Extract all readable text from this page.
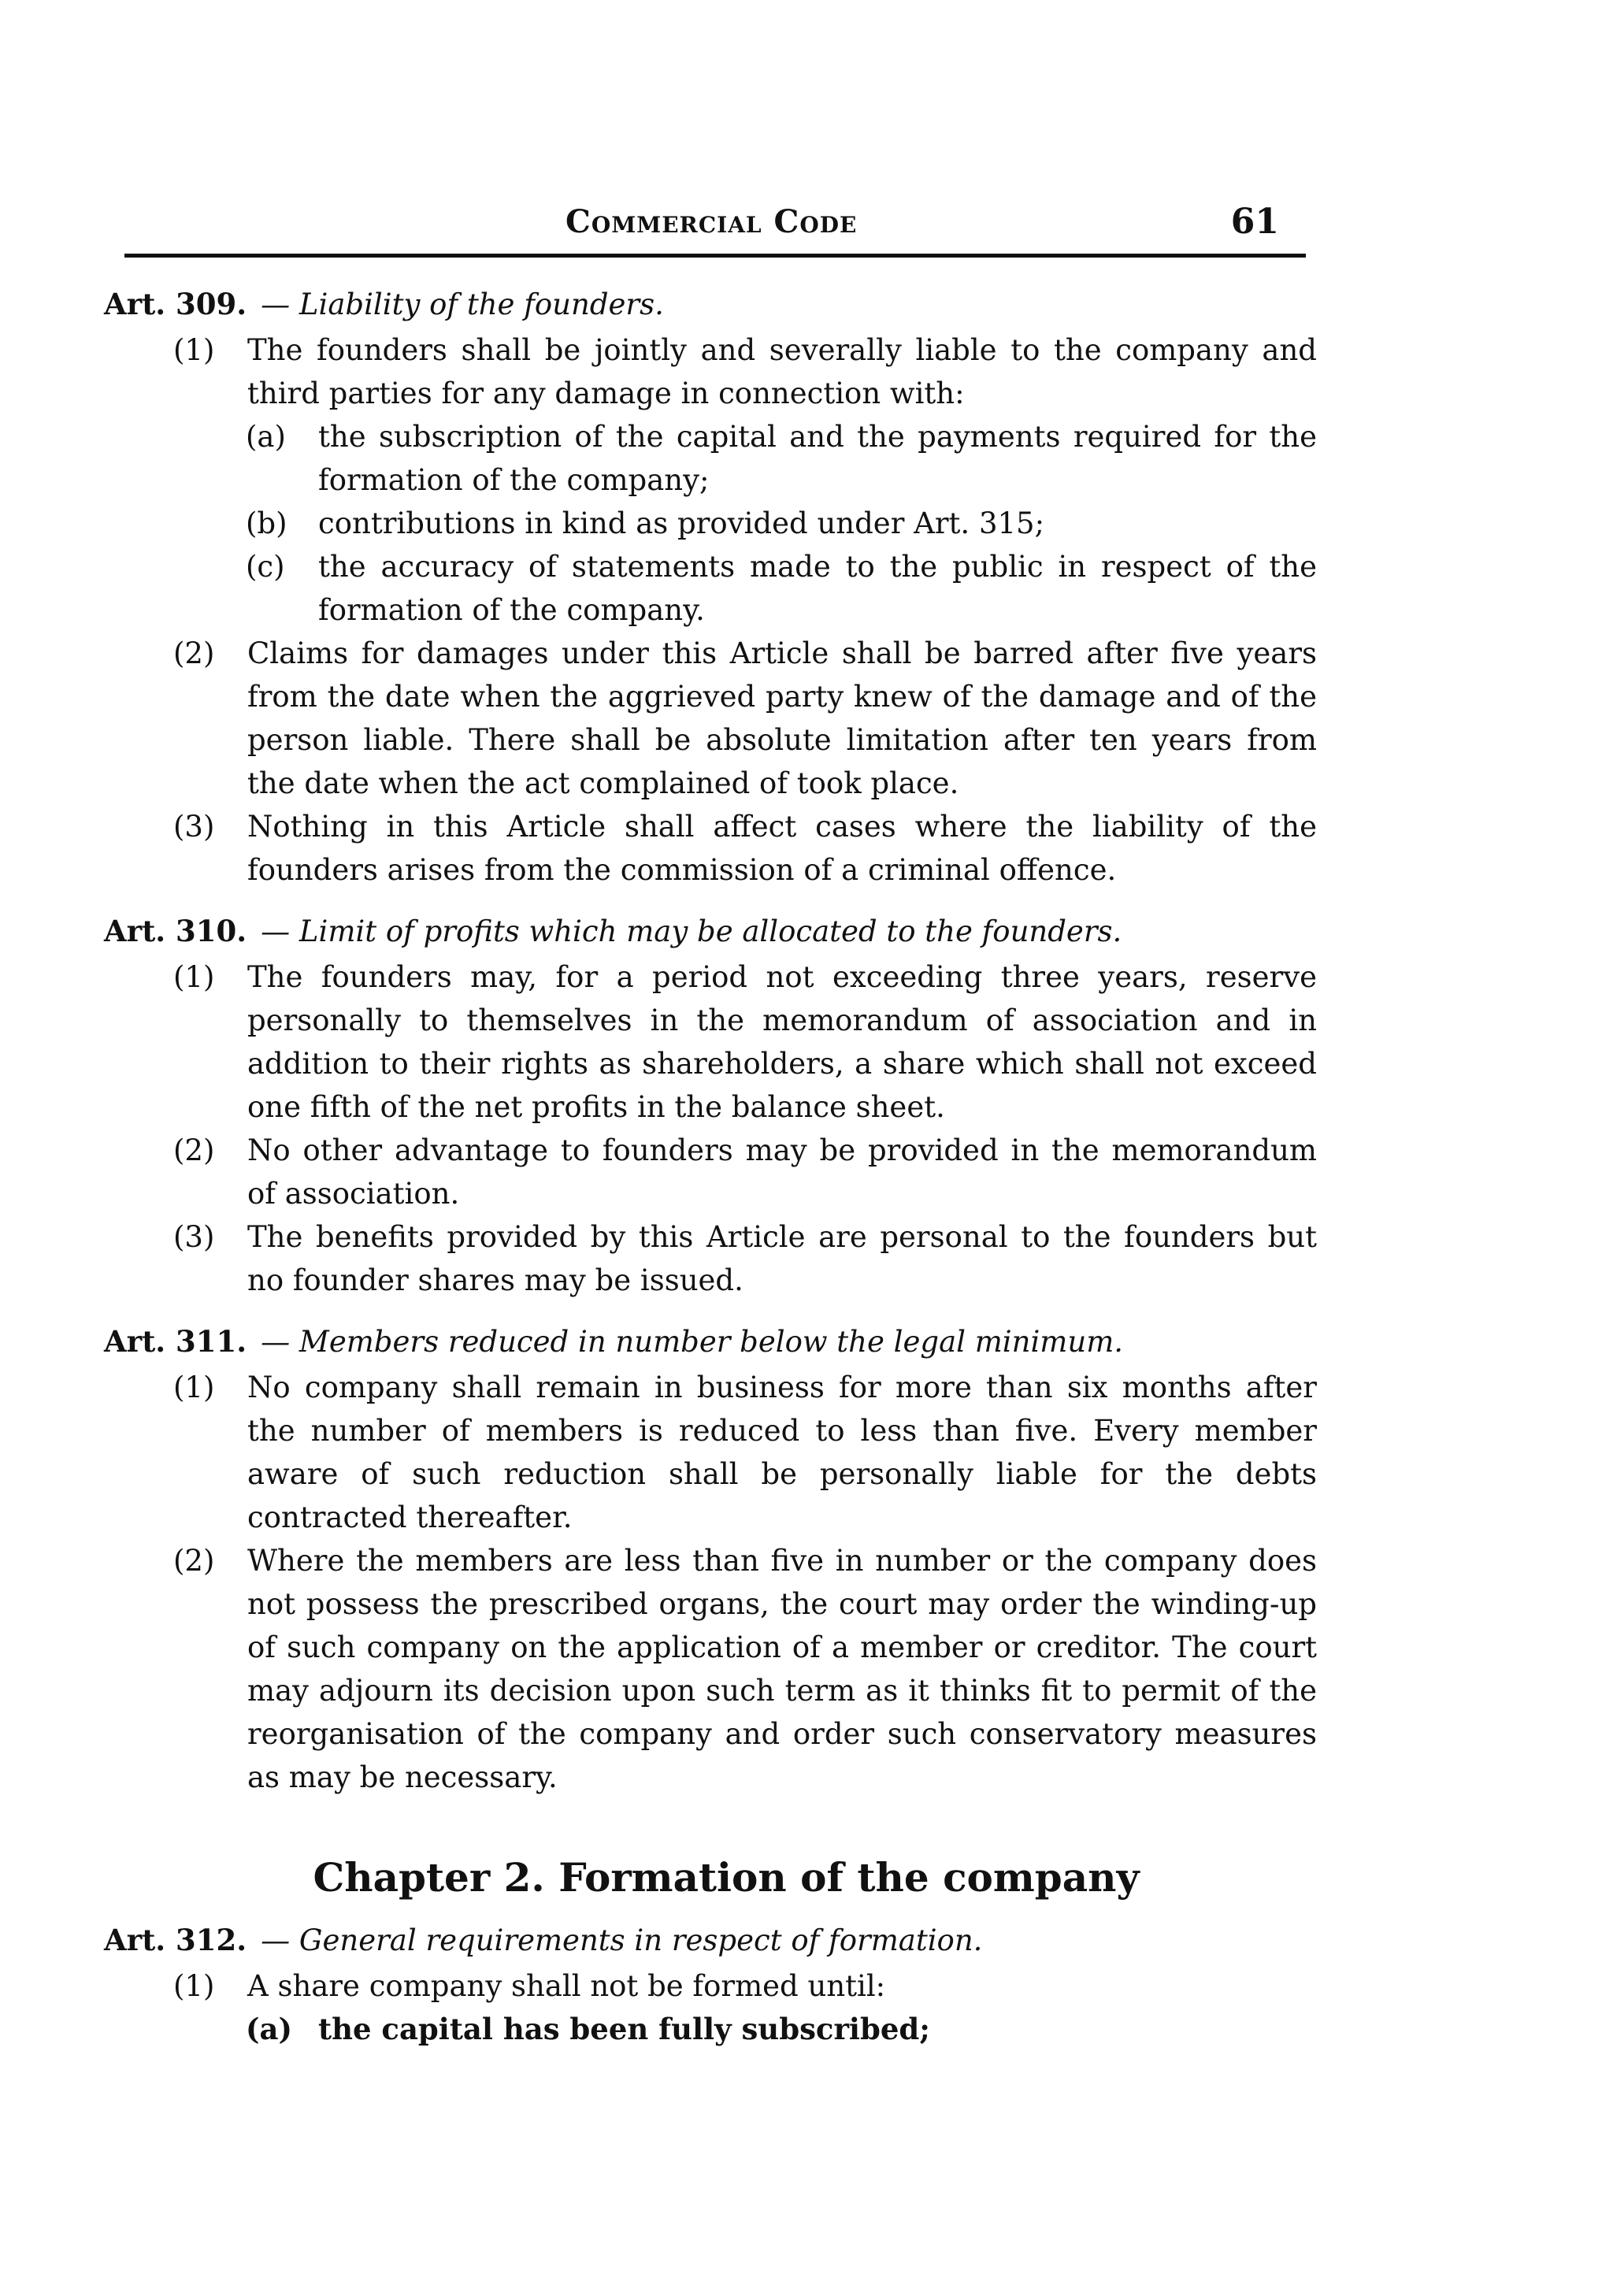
Commercial Code	61
Art. 309. — Liability of the founders.
(1) The founders shall be jointly and severally liable to the company and third parties for any damage in connection with:
(a) the subscription of the capital and the payments required for the formation of the company;
(b) contributions in kind as provided under Art. 315;
(c) the accuracy of statements made to the public in respect of the formation of the company.
(2) Claims for damages under this Article shall be barred after five years from the date when the aggrieved party knew of the damage and of the person liable. There shall be absolute limitation after ten years from the date when the act complained of took place.
(3) Nothing in this Article shall affect cases where the liability of the founders arises from the commission of a criminal offence.
Art. 310. — Limit of profits which may be allocated to the founders.
(1) The founders may, for a period not exceeding three years, reserve personally to themselves in the memorandum of association and in addition to their rights as shareholders, a share which shall not exceed one fifth of the net profits in the balance sheet.
(2) No other advantage to founders may be provided in the memorandum of association.
(3) The benefits provided by this Article are personal to the founders but no founder shares may be issued.
Art. 311. — Members reduced in number below the legal minimum.
(1) No company shall remain in business for more than six months after the number of members is reduced to less than five. Every member aware of such reduction shall be personally liable for the debts contracted thereafter.
(2) Where the members are less than five in number or the company does not possess the prescribed organs, the court may order the winding-up of such company on the application of a member or creditor. The court may adjourn its decision upon such term as it thinks fit to permit of the reorganisation of the company and order such conservatory measures as may be necessary.
Chapter 2. Formation of the company
Art. 312. — General requirements in respect of formation.
(1) A share company shall not be formed until:
(a) the capital has been fully subscribed;
